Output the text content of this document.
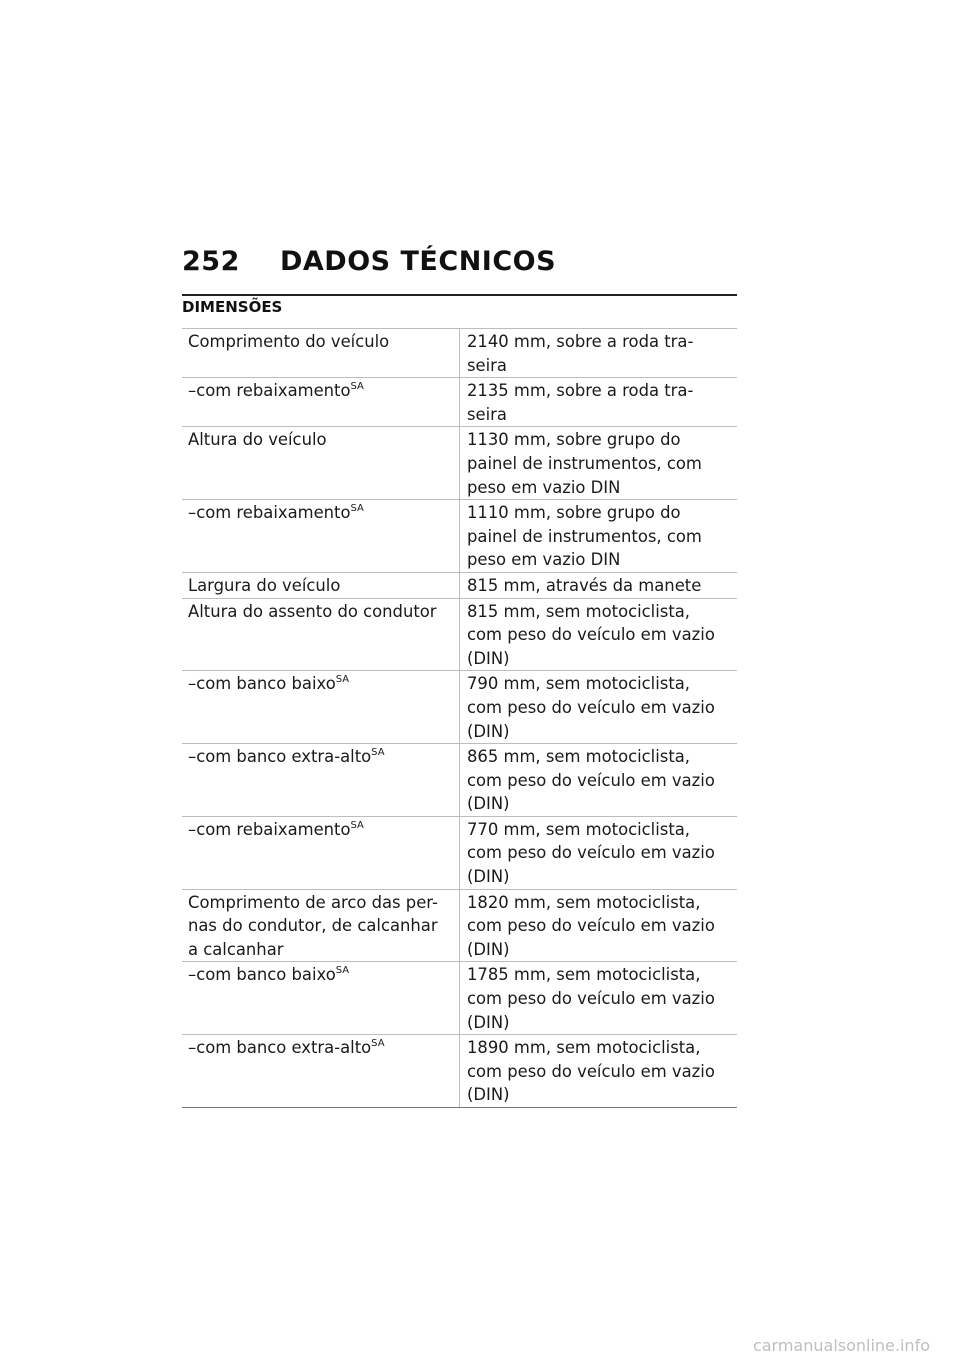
252 DADOS TÉCNICOS
DIMENSÕES
Comprimento do veículo	2140 mm, sobre a roda tra-
seira
–com rebaixamento$^{SA}$	2135 mm, sobre a roda tra-
seira
Altura do veículo	1130 mm, sobre grupo do
painel de instrumentos, com
peso em vazio DIN
–com rebaixamento$^{SA}$	1110 mm, sobre grupo do
painel de instrumentos, com
peso em vazio DIN
Largura do veículo	815 mm, através da manete
Altura do assento do condutor	815 mm, sem motociclista,
com peso do veículo em vazio
(DIN)
–com banco baixo$^{SA}$	790 mm, sem motociclista,
com peso do veículo em vazio
(DIN)
–com banco extra-alto$^{SA}$	865 mm, sem motociclista,
com peso do veículo em vazio
(DIN)
–com rebaixamento$^{SA}$	770 mm, sem motociclista,
com peso do veículo em vazio
(DIN)
Comprimento de arco das per-
nas do condutor, de calcanhar
a calcanhar	1820 mm, sem motociclista,
com peso do veículo em vazio
(DIN)
–com banco baixo$^{SA}$	1785 mm, sem motociclista,
com peso do veículo em vazio
(DIN)
–com banco extra-alto$^{SA}$	1890 mm, sem motociclista,
com peso do veículo em vazio
(DIN)
carmanualsonline.info
